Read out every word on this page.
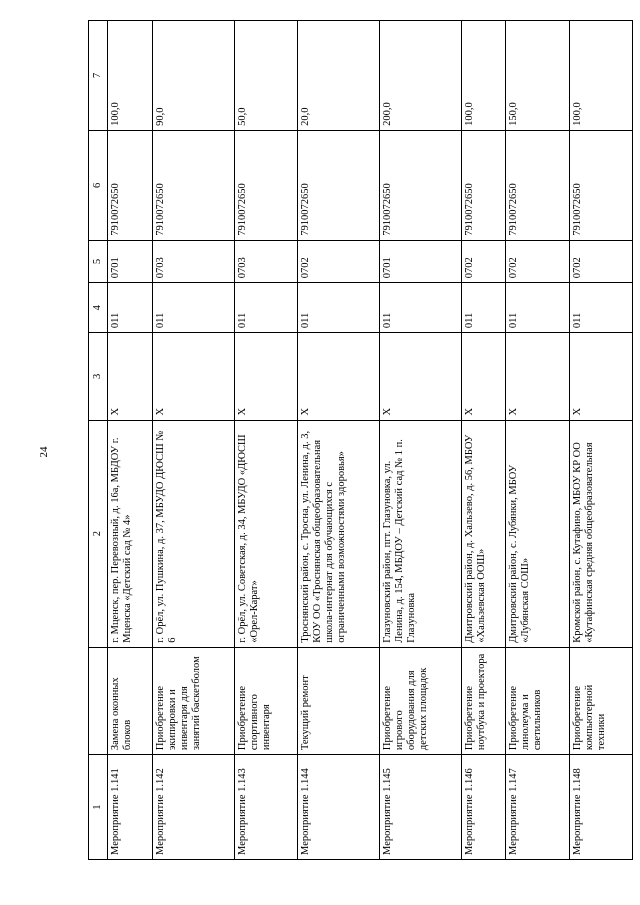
24
1		2	3	4	5	6	7
Мероприятие 1.141	Замена оконных блоков	г. Мценск, пер. Перевозный, д. 16а, МБДОУ г. Мценска «Детский сад № 4»	Х	011	0701	7910072650	100,0
Мероприятие 1.142	Приобретение экипировки и инвентаря для занятий баскетболом	г. Орёл, ул. Пушкина, д. 37, МБУДО ДЮСШ № 6	Х	011	0703	7910072650	90,0
Мероприятие 1.143	Приобретение спортивного инвентаря	г. Орёл, ул. Советская, д. 34, МБУДО «ДЮСШ «Орел-Карат»	Х	011	0703	7910072650	50,0
Мероприятие 1.144	Текущий ремонт	Троснянский район, с. Тросна, ул. Ленина, д. 3, КОУ ОО «Троснянская общеобразовательная школа-интернат для обучающихся с ограниченными возможностями здоровья»	Х	011	0702	7910072650	20,0
Мероприятие 1.145	Приобретение игрового оборудования для детских площадок	Глазуновский район, пгт. Глазуновка, ул. Ленина, д. 154, МБДОУ – Детский сад № 1 п. Глазуновка	Х	011	0701	7910072650	200,0
Мероприятие 1.146	Приобретение ноутбука и проектора	Дмитровский район, д. Хальзево, д. 56, МБОУ «Хальзевская ООШ»	Х	011	0702	7910072650	100,0
Мероприятие 1.147	Приобретение линолеума и светильников	Дмитровский район, с. Лубянки, МБОУ «Лубянская СОШ»	Х	011	0702	7910072650	150,0
Мероприятие 1.148	Приобретение компьютерной техники	Кромской район, с. Кутафино, МБОУ КР ОО «Кутафинская средняя общеобразовательная	Х	011	0702	7910072650	100,0
